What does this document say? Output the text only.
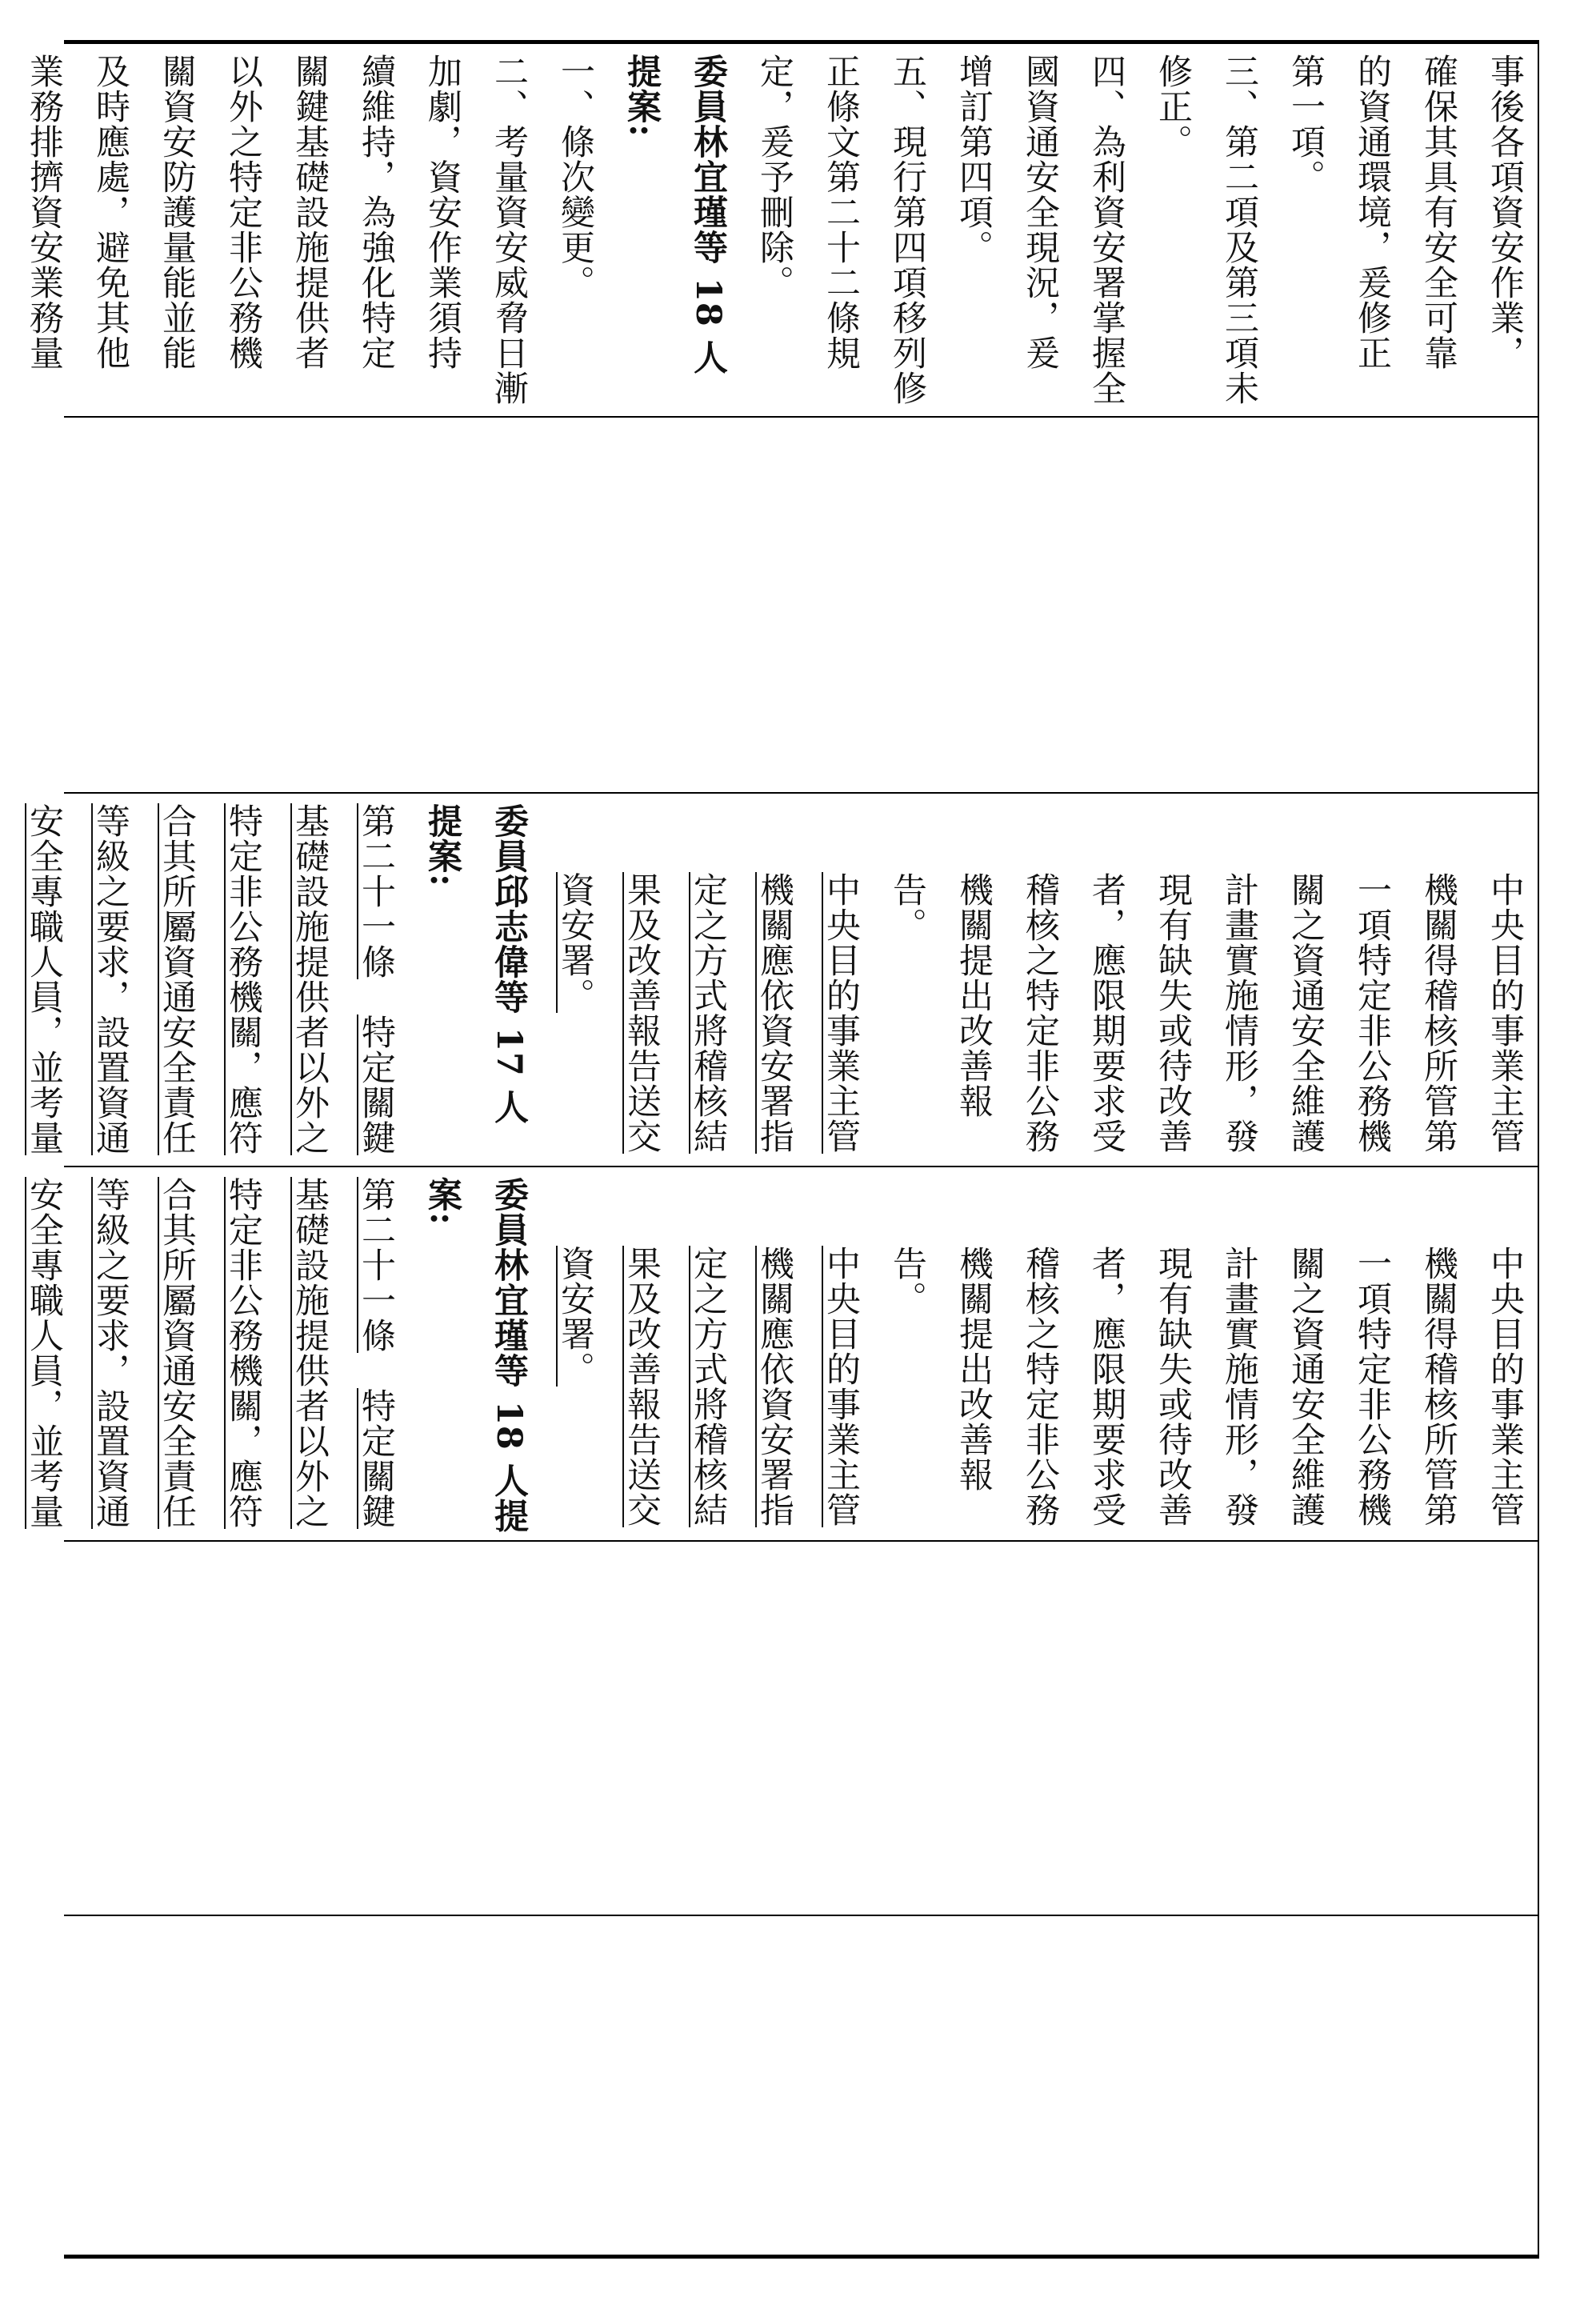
事後各項資安作業，
確保其具有安全可靠
的資通環境，爰修正
第一項。
三、第二項及第三項未
修正。
四、為利資安署掌握全
國資通安全現況，爰
增訂第四項。
五、現行第四項移列修
正條文第二十二條規
定，爰予刪除。
委員林宜瑾等 18 人提案:
一、條次變更。
二、考量資安威脅日漸
加劇，資安作業須持
續維持，為強化特定
關鍵基礎設施提供者
以外之特定非公務機
關資安防護量能並能
及時應處，避免其他
業務排擠資安業務量
中央目的事業主管機關得稽核所管第一項特定非公務機關之資通安全維護計畫實施情形，發現有缺失或待改善者，應限期要求受稽核之特定非公務機關提出改善報告。
中央目的事業主管機關應依資安署指定之方式將稽核結果及改善報告送交資安署。
委員邱志偉等 17 人提案:
第二十一條　特定關鍵基礎設施提供者以外之特定非公務機關，應符合其所屬資通安全責任等級之要求，設置資通安全專職人員，並考量
中央目的事業主管機關得稽核所管第一項特定非公務機關之資通安全維護計畫實施情形，發現有缺失或待改善者，應限期要求受稽核之特定非公務機關提出改善報告。
中央目的事業主管機關應依資安署指定之方式將稽核結果及改善報告送交資安署。
委員林宜瑾等 18 人提案:
第二十一條　特定關鍵基礎設施提供者以外之特定非公務機關，應符合其所屬資通安全責任等級之要求，設置資通安全專職人員，並考量
